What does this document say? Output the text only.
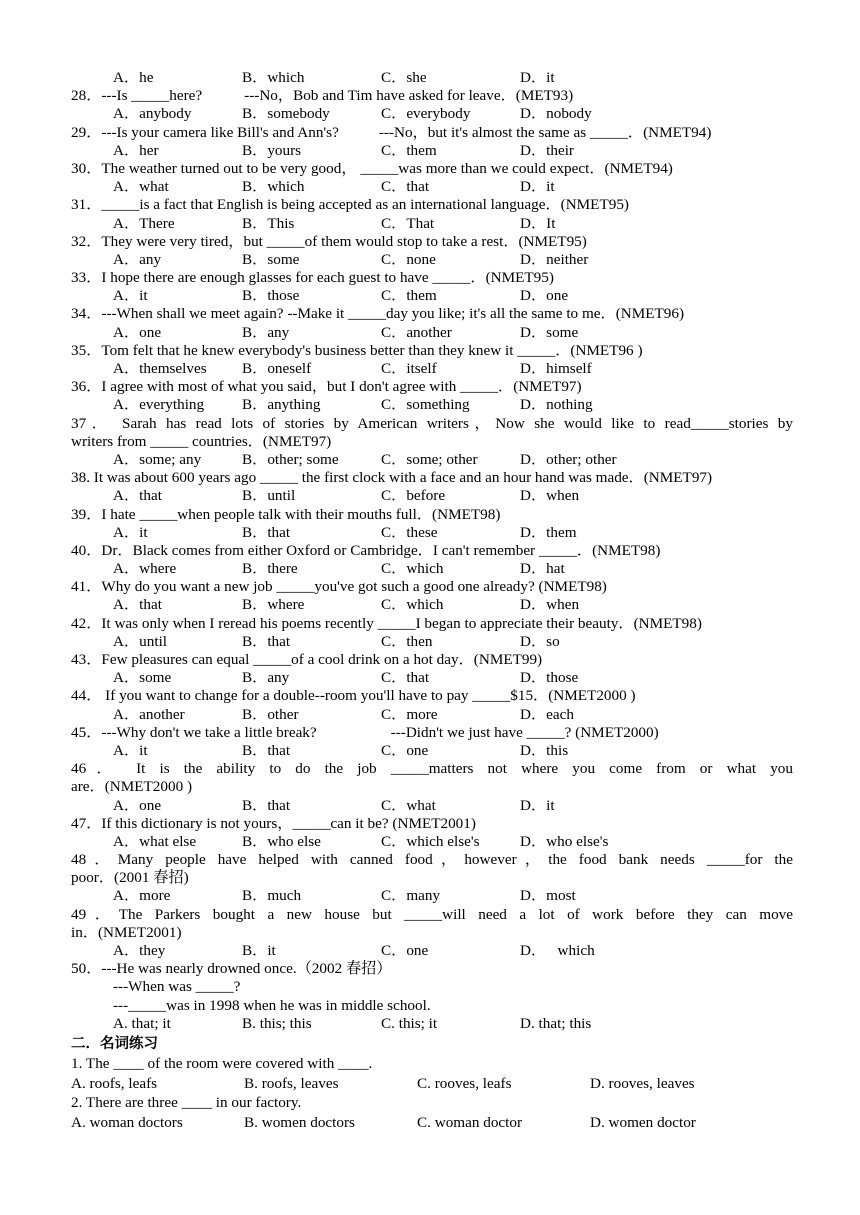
A．he	B．which	C．she	D．it
28．---Is _____here?	---No，Bob and Tim have asked for leave．(MET93)
A．anybody	B．somebody	C．everybody	D．nobody
29．---Is your camera like Bill's and Ann's?	---No，but it's almost the same as _____．(NMET94)
A．her	B．yours	C．them	D．their
30．The weather turned out to be very good， _____was more than we could expect．(NMET94)
A．what	B．which	C．that	D．it
31．_____is a fact that English is being accepted as an international language．(NMET95)
A．There	B．This	C．That	D．It
32．They were very tired，but _____of them would stop to take a rest．(NMET95)
A．any	B．some	C．none	D．neither
33．I hope there are enough glasses for each guest to have _____．(NMET95)
A．it	B．those	C．them	D．one
34．---When shall we meet again? --Make it _____day you like; it's all the same to me．(NMET96)
A．one	B．any	C．another	D．some
35．Tom felt that he knew everybody's business better than they knew it _____．(NMET96 )
A．themselves B．oneself	C．itself	D．himself
36．I agree with most of what you said，but I don't agree with _____．(NMET97)
A．everything B．anything	C．something	D．nothing
37． Sarah has read lots of stories by American writers，Now she would like to read_____stories by
writers from _____ countries．(NMET97)
A．some; any	B．other; some	C．some; other	D．other; other
38. It was about 600 years ago _____ the first clock with a face and an hour hand was made．(NMET97)
A．that	B．until	C．before	D．when
39．I hate _____when people talk with their mouths full．(NMET98)
A．it	B．that	C．these	D．them
40．Dr．Black comes from either Oxford or Cambridge．I can't remember _____．(NMET98)
A．where	B．there	C．which	D．hat
41．Why do you want a new job _____you've got such a good one already? (NMET98)
A．that	B．where	C．which	D．when
42．It was only when I reread his poems recently _____I began to appreciate their beauty．(NMET98)
A．until	B．that	C．then	D．so
43．Few pleasures can equal _____of a cool drink on a hot day．(NMET99)
A．some	B．any	C．that	D．those
44． If you want to change for a double--room you'll have to pay _____$15．(NMET2000 )
A．another	B．other	C．more	D．each
45．---Why don't we take a little break?	---Didn't we just have _____? (NMET2000)
A．it	B．that	C．one	D．this
46． It is the ability to do the job _____matters not where you come from or what you
are．(NMET2000 )
A．one	B．that	C．what	D．it
47．If this dictionary is not yours，_____can it be? (NMET2001)
A．what else	B．who else	C．which else's	D．who else's
48．Many people have helped with canned food，however，the food bank needs _____for the
poor．(2001 春招)
A．more	B．much	C．many	D．most
49．The Parkers bought a new house but _____will need a lot of work before they can move
in．(NMET2001)
A．they	B．it	C．one	D．   which
50．---He was nearly drowned once.（2002 春招）
---When was _____?
---_____was in 1998 when he was in middle school.
A. that; it	B. this; this	C. this; it	D. that; this
二．名词练习
1. The ____ of the room were covered with ____.
A. roofs, leafs	B. roofs, leaves	C. rooves, leafs	D. rooves, leaves
2. There are three ____ in our factory.
A. woman doctors	B. women doctors	C. woman doctor	D. women doctor
